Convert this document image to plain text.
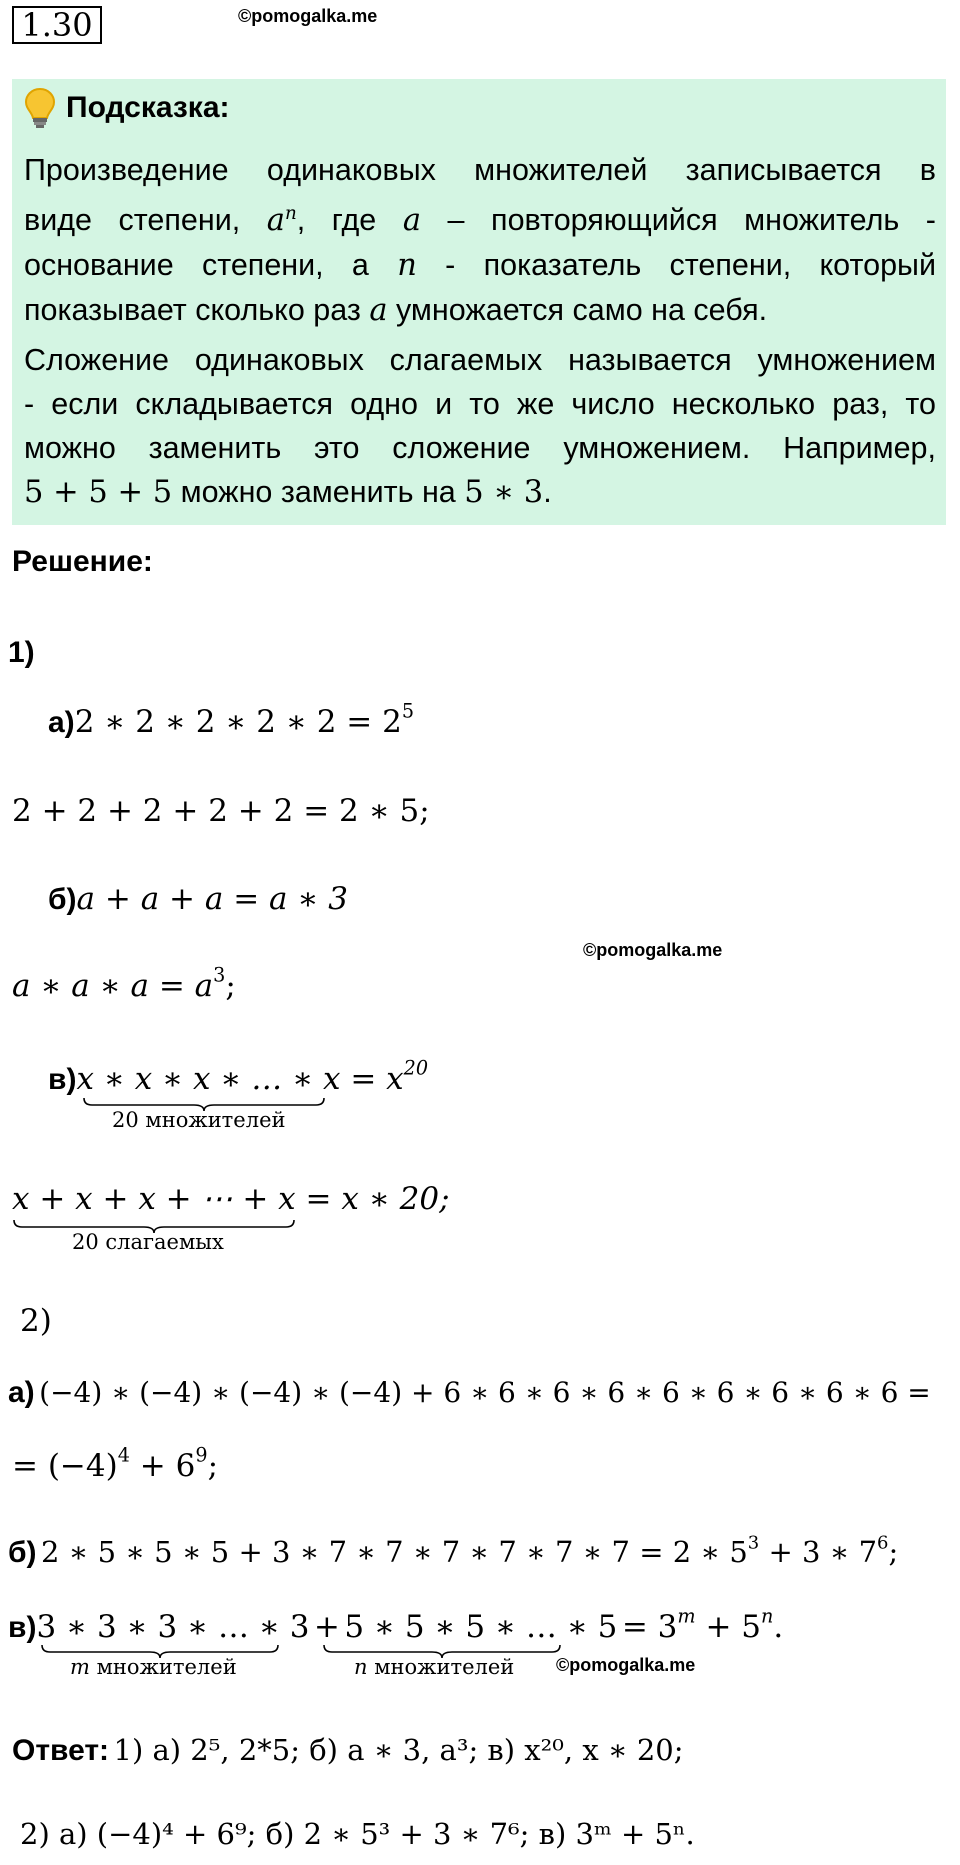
1.30	©pomogalka.me
Подсказка:
Произведение одинаковых множителей записывается в
виде степени, $a^n$, где a – повторяющийся множитель -
основание степени, а n - показатель степени, который
показывает сколько раз a умножается само на себя.
Сложение одинаковых слагаемых называется умножением
- если складывается одно и то же число несколько раз, то
можно заменить это сложение умножением. Например,
5 + 5 + 5 можно заменить на 5 ∗ 3.
Решение:
1)
а)2 ∗ 2 ∗ 2 ∗ 2 ∗ $2 = 2^5$
2 + 2 + 2 + 2 + 2 = 2 ∗ 5;
б)a + a + a = a ∗ 3
©pomogalka.me
a ∗ a ∗ $a = a^3$;
в)x ∗ x ∗ x ∗ … ∗ $x = x^{20}$
20 множителей
x + x + x + ⋯ + x = x ∗ 20;
20 слагаемых
2)
а) (−4) ∗ (−4) ∗ (−4) ∗ (−4) + 6 ∗ 6 ∗ 6 ∗ 6 ∗ 6 ∗ 6 ∗ 6 ∗ 6 ∗ 6 =
= $(-4)^4 + 6^9$;
б) 2 ∗ 5 ∗ 5 ∗ 5 + 3 ∗ 7 ∗ 7 ∗ 7 ∗ 7 ∗ 7 ∗ 7 = 2 ∗ $5^3 + 3$ ∗ $7^6$;
в)3 ∗ 3 ∗ 3 ∗ … ∗ 3 + 5 ∗ 5 ∗ 5 ∗ … ∗ $5 = 3^m + 5^n$.
m множителей	n множителей ©pomogalka.me
Ответ: 1) а) 2⁵, 2*5; б) a ∗ 3, a³; в) x²⁰, x ∗ 20;
2) а) (−4)⁴ + 6⁹; б) 2 ∗ 5³ + 3 ∗ 7⁶; в) 3ᵐ + 5ⁿ.
